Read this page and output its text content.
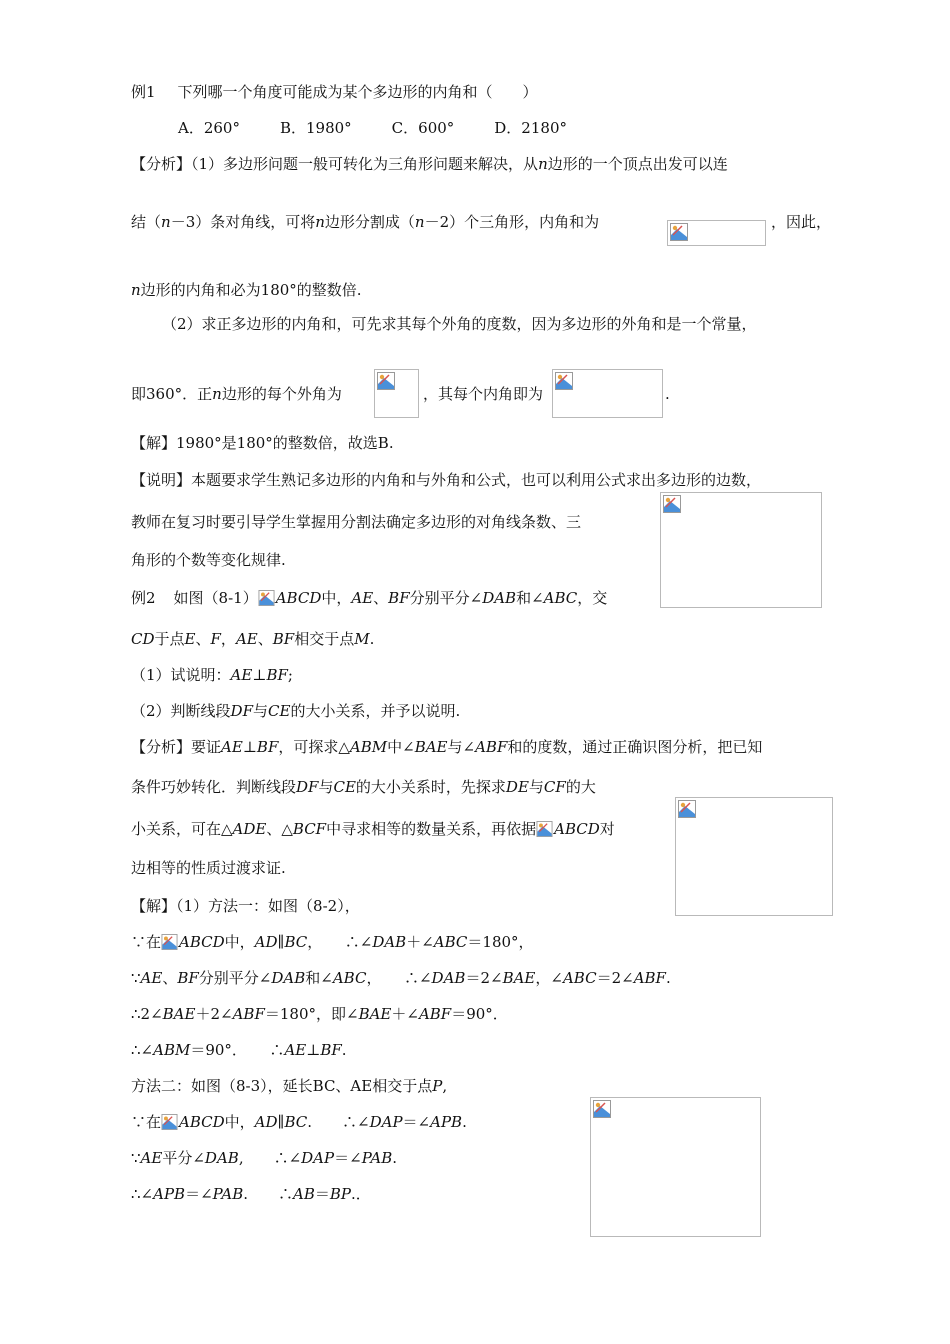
例1 下列哪一个角度可能成为某个多边形的内角和（　　）
A．260°	B．1980°	C．600°	D．2180°
【分析】（1）多边形问题一般可转化为三角形问题来解决，从n边形的一个顶点出发可以连
结（n－3）条对角线，可将n边形分割成（n－2）个三角形，内角和为	，因此，
n边形的内角和必为180°的整数倍.
（2）求正多边形的内角和，可先求其每个外角的度数，因为多边形的外角和是一个常量，
即360°．正n边形的每个外角为	，其每个内角即为	.
【解】1980°是180°的整数倍，故选B.
【说明】本题要求学生熟记多边形的内角和与外角和公式，也可以利用公式求出多边形的边数，
教师在复习时要引导学生掌握用分割法确定多边形的对角线条数、三
角形的个数等变化规律.
例2 如图（8-1） ABCD中，AE、BF分别平分∠DAB和∠ABC，交
CD于点E、F，AE、BF相交于点M.
（1）试说明：AE⊥BF;
（2）判断线段DF与CE的大小关系，并予以说明.
【分析】要证AE⊥BF，可探求△ABM中∠BAE与∠ABF和的度数，通过正确识图分析，把已知
条件巧妙转化．判断线段DF与CE的大小关系时，先探求DE与CF的大
小关系，可在△ADE、△BCF中寻求相等的数量关系，再依据 ABCD对
边相等的性质过渡求证.
【解】（1）方法一：如图（8-2），
∵在 ABCD中，AD∥BC，　　∴∠DAB＋∠ABC＝180°，
∵AE、BF分别平分∠DAB和∠ABC，　　∴∠DAB＝2∠BAE，∠ABC＝2∠ABF.
∴2∠BAE＋2∠ABF＝180°，即∠BAE＋∠ABF＝90°．
∴∠ABM＝90°．　　∴AE⊥BF.
方法二：如图（8-3），延长BC、AE相交于点P,
∵在 ABCD中，AD∥BC.　　∴∠DAP＝∠APB.
∵AE平分∠DAB,　　∴∠DAP＝∠PAB.
∴∠APB＝∠PAB.　　∴AB＝BP.．
